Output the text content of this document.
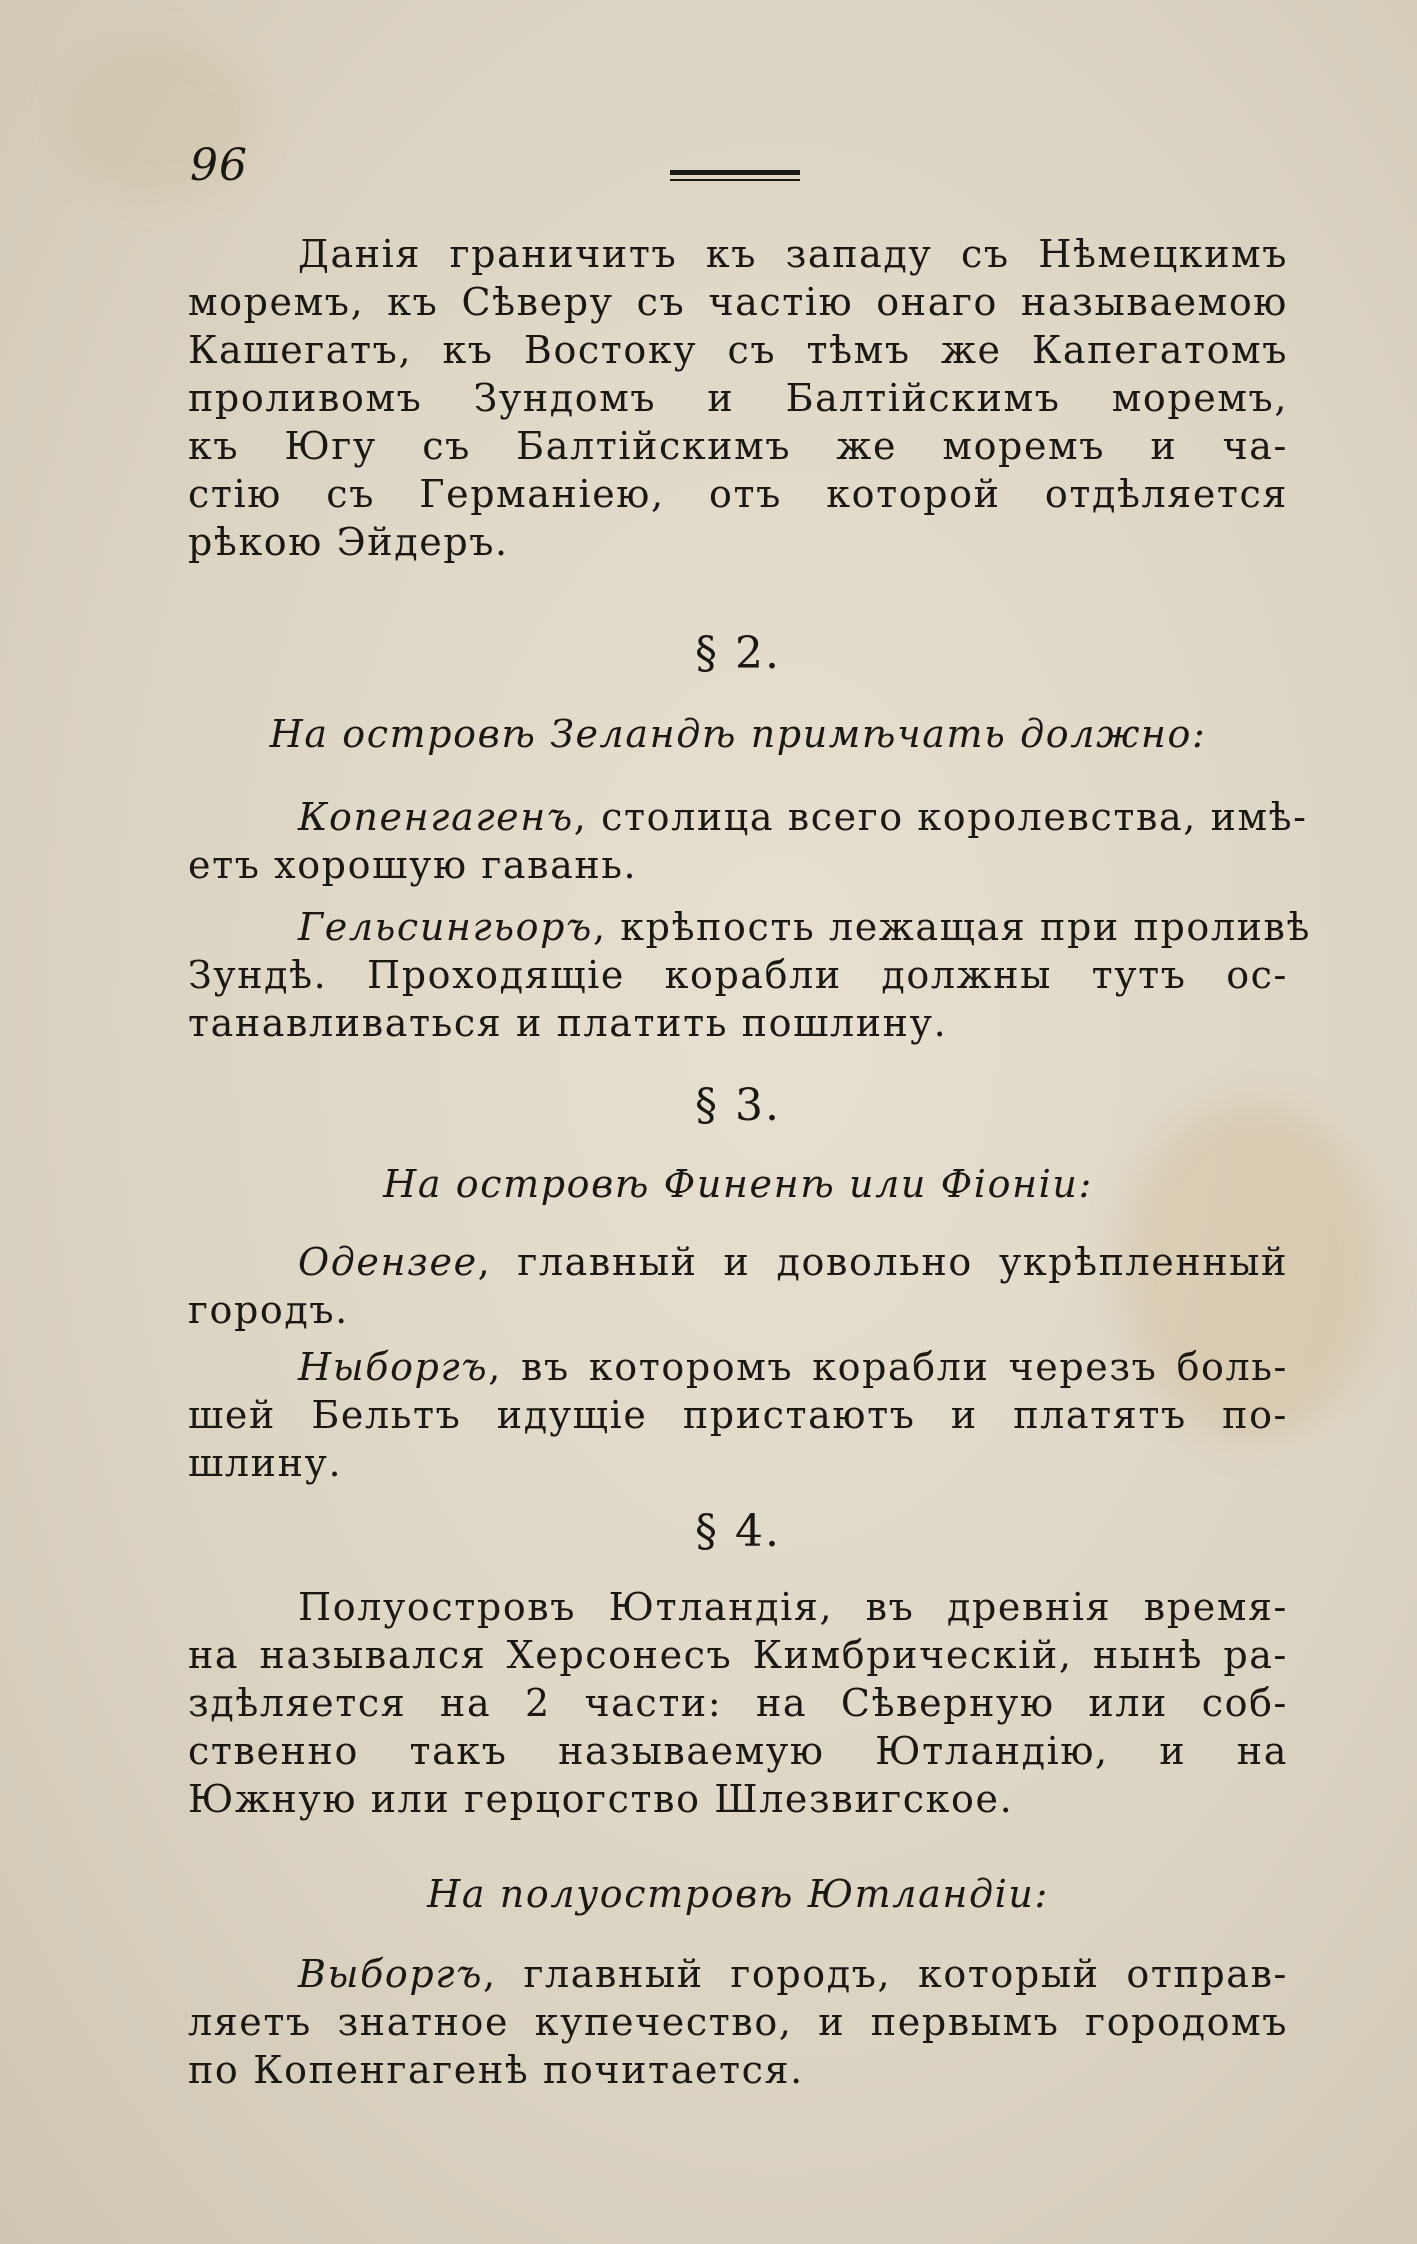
96
Данія граничитъ къ западу съ Нѣмецкимъ
моремъ, къ Сѣверу съ частію онаго называемою
Кашегатъ, къ Востоку съ тѣмъ же Капегатомъ
проливомъ Зундомъ и Балтійскимъ моремъ,
къ Югу съ Балтійскимъ же моремъ и ча-
стію съ Германіею, отъ которой отдѣляется
рѣкою Эйдеръ.
§ 2.
На островѣ Зеландѣ примѣчать должно:
Копенгагенъ, столица всего королевства, имѣ-
етъ хорошую гавань.
Гельсингьоръ, крѣпость лежащая при проливѣ
Зундѣ. Проходящіе корабли должны тутъ ос-
танавливаться и платить пошлину.
§ 3.
На островѣ Финенѣ или Фіоніи:
Одензее, главный и довольно укрѣпленный
городъ.
Ныборгъ, въ которомъ корабли черезъ боль-
шей Бельтъ идущіе пристаютъ и платятъ по-
шлину.
§ 4.
Полуостровъ Ютландія, въ древнія время-
на назывался Херсонесъ Кимбрическій, нынѣ ра-
здѣляется на 2 части: на Сѣверную или соб-
ственно такъ называемую Ютландію, и на
Южную или герцогство Шлезвигское.
На полуостровѣ Ютландіи:
Выборгъ, главный городъ, который отправ-
ляетъ знатное купечество, и первымъ городомъ
по Копенгагенѣ почитается.
